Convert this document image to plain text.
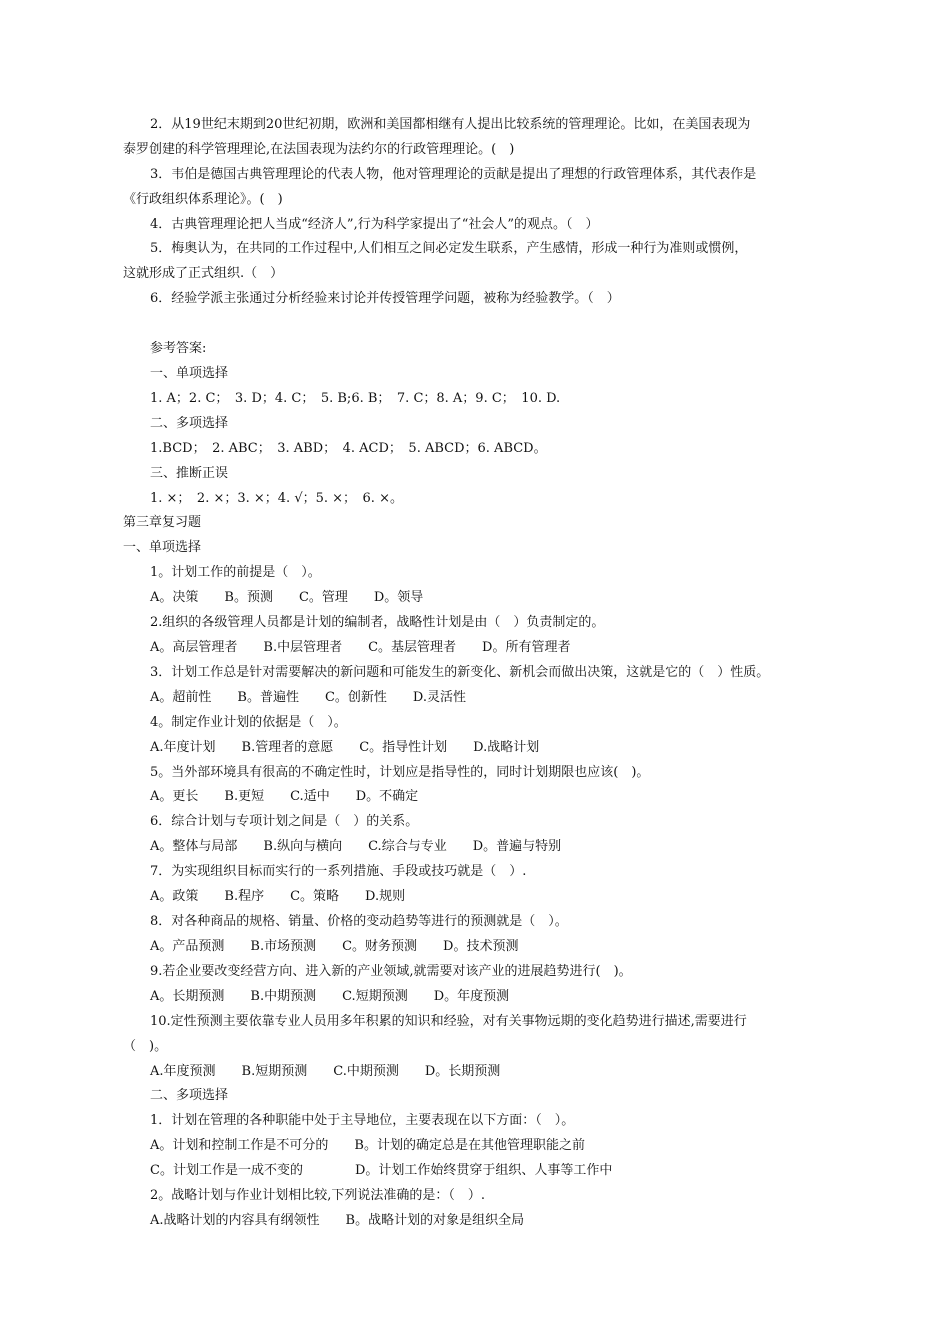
2．从19世纪末期到20世纪初期，欧洲和美国都相继有人提出比较系统的管理理论。比如，在美国表现为
泰罗创建的科学管理理论,在法国表现为法约尔的行政管理理论。(　)
3．韦伯是德国古典管理理论的代表人物，他对管理理论的贡献是提出了理想的行政管理体系，其代表作是
《行政组织体系理论》。(　)
4．古典管理理论把人当成“经济人”,行为科学家提出了“社会人”的观点。（　）
5．梅奥认为，在共同的工作过程中,人们相互之间必定发生联系，产生感情，形成一种行为准则或惯例，
这就形成了正式组织.（　）
6．经验学派主张通过分析经验来讨论并传授管理学问题，被称为经验教学。（　）
参考答案:
一、单项选择
1. A；2. C；　3. D；4. C；　5. B;6. B；　7. C；8. A；9. C；　10. D.
二、多项选择
1.BCD；　2. ABC；　3. ABD；　4. ACD；　5. ABCD；6. ABCD。
三、推断正误
1. ×；　2. ×；3. ×；4. √；5. ×；　6. ×。
第三章复习题
一、单项选择
1。计划工作的前提是（　）。
A。决策　　B。预测　　C。管理　　D。领导
2.组织的各级管理人员都是计划的编制者，战略性计划是由（　）负责制定的。
A。高层管理者　　B.中层管理者　　C。基层管理者　　D。所有管理者
3．计划工作总是针对需要解决的新问题和可能发生的新变化、新机会而做出决策，这就是它的（　）性质。
A。超前性　　B。普遍性　　C。创新性　　D.灵活性
4。制定作业计划的依据是（　）。
A.年度计划　　B.管理者的意愿　　C。指导性计划　　D.战略计划
5。当外部环境具有很高的不确定性时，计划应是指导性的，同时计划期限也应该(　)。
A。更长　　B.更短　　C.适中　　D。不确定
6．综合计划与专项计划之间是（　）的关系。
A。整体与局部　　B.纵向与横向　　C.综合与专业　　D。普遍与特别
7．为实现组织目标而实行的一系列措施、手段或技巧就是（　）.
A。政策　　B.程序　　C。策略　　D.规则
8．对各种商品的规格、销量、价格的变动趋势等进行的预测就是（　）。
A。产品预测　　B.市场预测　　C。财务预测　　D。技术预测
9.若企业要改变经营方向、进入新的产业领域,就需要对该产业的进展趋势进行(　)。
A。长期预测　　B.中期预测　　C.短期预测　　D。年度预测
10.定性预测主要依靠专业人员用多年积累的知识和经验，对有关事物远期的变化趋势进行描述,需要进行
（　)。
A.年度预测　　B.短期预测　　C.中期预测　　D。长期预测
二、多项选择
1．计划在管理的各种职能中处于主导地位，主要表现在以下方面：（　）。
A。计划和控制工作是不可分的　　B。计划的确定总是在其他管理职能之前
C。计划工作是一成不变的　　　　D。计划工作始终贯穿于组织、人事等工作中
2。战略计划与作业计划相比较,下列说法准确的是：（　）.
A.战略计划的内容具有纲领性　　B。战略计划的对象是组织全局
